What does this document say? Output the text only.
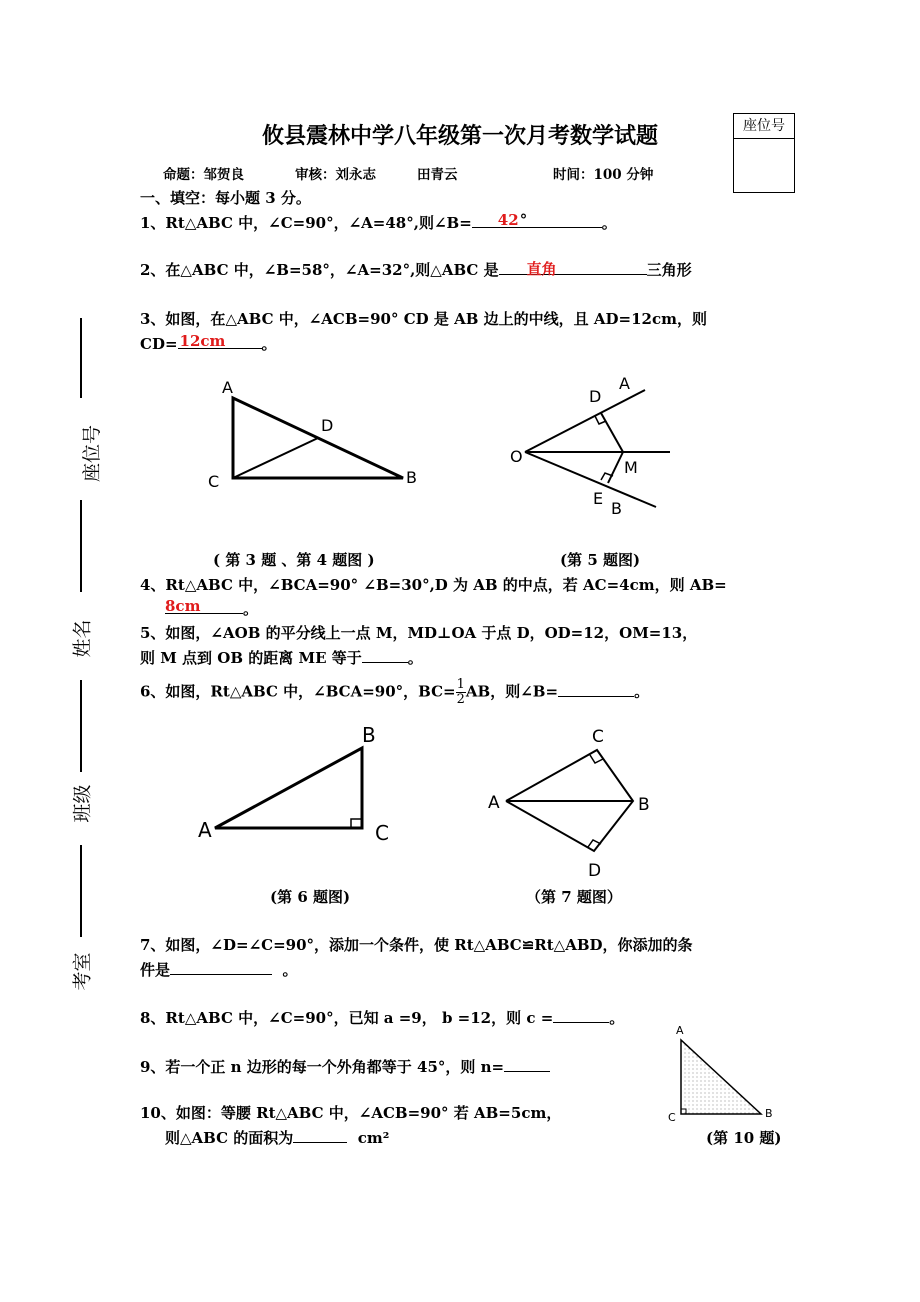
座位号
攸县震林中学八年级第一次月考数学试题
命题：邹贺良	审核：刘永志	田青云	时间：100 分钟
一、填空：每小题 3 分。
座位号
姓名
班级
考室
1、Rt△ABC 中，∠C=90°，∠A=48°,则∠B= 42 °	。
2、在△ABC 中，∠B=58°，∠A=32°,则△ABC 是 直角	三角形
3、如图，在△ABC 中，∠ACB=90° CD 是 AB 边上的中线，且 AD=12cm，则
CD= 12cm 。
A
D
C	B
A
D
O
M
E
B
( 第 3 题 、第 4 题图 )	(第 5 题图)
4、Rt△ABC 中，∠BCA=90° ∠B=30°,D 为 AB 的中点，若 AC=4cm，则 AB=
8cm	。
5、如图，∠AOB 的平分线上一点 M，MD⊥OA 于点 D，OD=12，OM=13，
则 M 点到 OB 的距离 ME 等于	。
6、如图，Rt△ABC 中，∠BCA=90°，$BC= \frac{1}{2}$ AB，则∠B=	。
B
A	C
C
A	B
D
(第 6 题图)	（第 7 题图）
7、如图，∠D=∠C=90°，添加一个条件，使 Rt△ABC≌Rt△ABD，你添加的条
件是	。
8、Rt△ABC 中，∠C=90°，已知 a =9， b =12，则 c =	。
9、若一个正 n 边形的每一个外角都等于 45°，则 n=
A
C	B
10、如图：等腰 Rt△ABC 中，∠ACB=90° 若 AB=5cm，
则△ABC 的面积为	cm²	(第 10 题)
